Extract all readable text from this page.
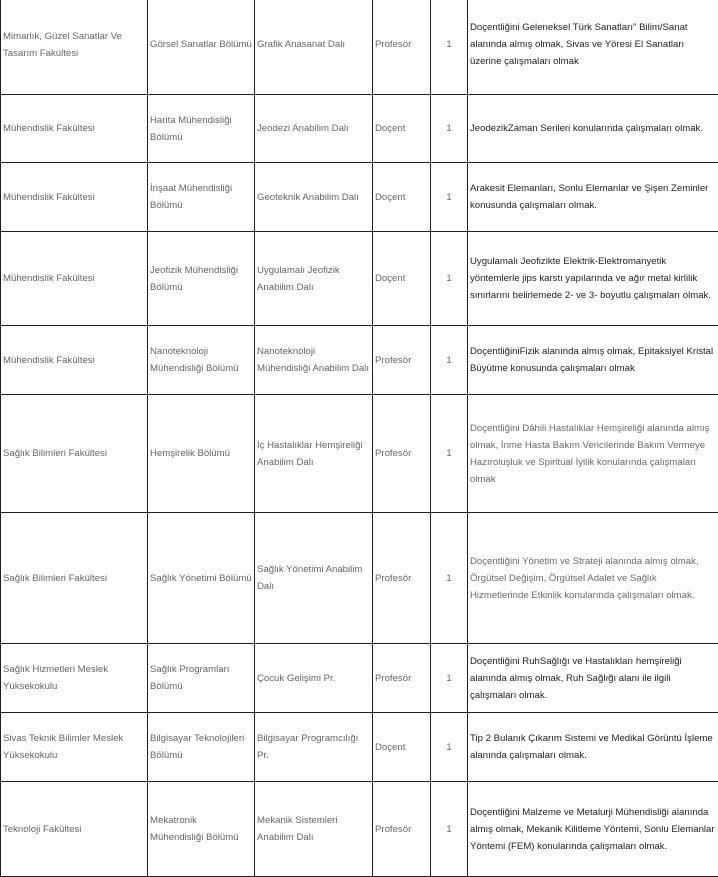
Mimarlık, Güzel Sanatlar Ve Tasarım Fakültesi	Görsel Sanatlar Bölümü	Grafik Anasanat Dalı	Profesör	1	Doçentliğini Geleneksel Türk Sanatları" Bilim/Sanat alanında almış olmak, Sivas ve Yöresi El Sanatları üzerine çalışmaları olmak
Mühendislik Fakültesi	Harita Mühendisliği Bölümü	Jeodezi Anabilim Dalı	Doçent	1	JeodezikZaman Serileri konularında çalışmaları olmak.
Mühendislik Fakültesi	İnşaat Mühendisliği Bölümü	Geoteknik Anabilim Dalı	Doçent	1	Arakesit Elemanları, Sonlu Elemanlar ve Şişen Zeminler konusunda çalışmaları olmak.
Mühendislik Fakültesi	Jeofizik Mühendisliği Bölümü	Uygulamalı Jeofizik Anabilim Dalı	Doçent	1	Uygulamalı Jeofizikte Elektrik-Elektromanyetik yöntemlerle jips karstı yapılarında ve ağır metal kirlilik sınırlarını belirlemede 2- ve 3- boyutlu çalışmaları olmak.
Mühendislik Fakültesi	Nanoteknoloji Mühendisliği Bölümü	Nanoteknoloji Mühendisliği Anabilim Dalı	Profesör	1	DoçentliğiniFizik alanında almış olmak, Epitaksiyel Kristal Büyütme konusunda çalışmaları olmak
Sağlık Bilimleri Fakültesi	Hemşirelik Bölümü	İç Hastalıklar Hemşireliği Anabilim Dalı	Profesör	1	Doçentliğini Dâhili Hastalıklar Hemşireliği alanında almış olmak, İnme Hasta Bakım Vericilerinde Bakım Vermeye Hazıroluşluk ve Spiritual İyilik konularında çalışmaları olmak
Sağlık Bilimleri Fakültesi	Sağlık Yönetimi Bölümü	Sağlık Yönetimi Anabilim Dalı	Profesör	1	Doçentliğini Yönetim ve Strateji alanında almış olmak, Örgütsel Değişim, Örgütsel Adalet ve Sağlık Hizmetlerinde Etkinlik konularında çalışmaları olmak.
Sağlık Hizmetleri Meslek Yüksekokulu	Sağlık Programları Bölümü	Çocuk Gelişimi Pr.	Profesör	1	Doçentliğini RuhSağlığı ve Hastalıkları hemşireliği alanında almış olmak, Ruh Sağlığı alanı ile ilgili çalışmaları olmak.
Sivas Teknik Bilimler Meslek Yüksekokulu	Bilgisayar Teknolojileri Bölümü	Bilgisayar Programcılığı Pr.	Doçent	1	Tip 2 Bulanık Çıkarım Sistemi ve Medikal Görüntü İşleme alanında çalışmaları olmak.
Teknoloji Fakültesi	Mekatronik Mühendisliği Bölümü	Mekanik Sistemleri Anabilim Dalı	Profesör	1	Doçentliğini Malzeme ve Metalurji Mühendisliği alanında almış olmak, Mekanik Kilitleme Yöntemi, Sonlu Elemanlar Yöntemi (FEM) konularında çalışmaları olmak.
